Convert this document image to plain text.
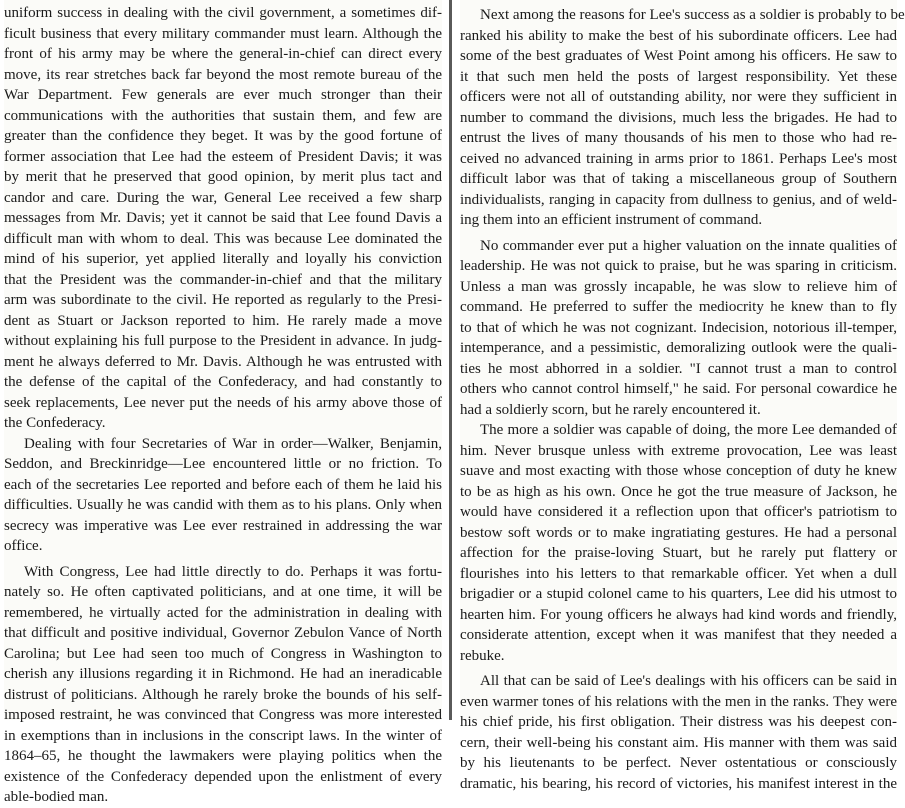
uniform success in dealing with the civil government, a sometimes dif-
ficult business that every military commander must learn. Although the
front of his army may be where the general-in-chief can direct every
move, its rear stretches back far beyond the most remote bureau of the
War Department. Few generals are ever much stronger than their
communications with the authorities that sustain them, and few are
greater than the confidence they beget. It was by the good fortune of
former association that Lee had the esteem of President Davis; it was
by merit that he preserved that good opinion, by merit plus tact and
candor and care. During the war, General Lee received a few sharp
messages from Mr. Davis; yet it cannot be said that Lee found Davis a
difficult man with whom to deal. This was because Lee dominated the
mind of his superior, yet applied literally and loyally his conviction
that the President was the commander-in-chief and that the military
arm was subordinate to the civil. He reported as regularly to the Presi-
dent as Stuart or Jackson reported to him. He rarely made a move
without explaining his full purpose to the President in advance. In judg-
ment he always deferred to Mr. Davis. Although he was entrusted with
the defense of the capital of the Confederacy, and had constantly to
seek replacements, Lee never put the needs of his army above those of
the Confederacy.
Dealing with four Secretaries of War in order—Walker, Benjamin,
Seddon, and Breckinridge—Lee encountered little or no friction. To
each of the secretaries Lee reported and before each of them he laid his
difficulties. Usually he was candid with them as to his plans. Only when
secrecy was imperative was Lee ever restrained in addressing the war
office.
With Congress, Lee had little directly to do. Perhaps it was fortu-
nately so. He often captivated politicians, and at one time, it will be
remembered, he virtually acted for the administration in dealing with
that difficult and positive individual, Governor Zebulon Vance of North
Carolina; but Lee had seen too much of Congress in Washington to
cherish any illusions regarding it in Richmond. He had an ineradicable
distrust of politicians. Although he rarely broke the bounds of his self-
imposed restraint, he was convinced that Congress was more interested
in exemptions than in inclusions in the conscript laws. In the winter of
1864–65, he thought the lawmakers were playing politics when the
existence of the Confederacy depended upon the enlistment of every
able-bodied man.
Next among the reasons for Lee's success as a soldier is probably to be
ranked his ability to make the best of his subordinate officers. Lee had
some of the best graduates of West Point among his officers. He saw to
it that such men held the posts of largest responsibility. Yet these
officers were not all of outstanding ability, nor were they sufficient in
number to command the divisions, much less the brigades. He had to
entrust the lives of many thousands of his men to those who had re-
ceived no advanced training in arms prior to 1861. Perhaps Lee's most
difficult labor was that of taking a miscellaneous group of Southern
individualists, ranging in capacity from dullness to genius, and of weld-
ing them into an efficient instrument of command.
No commander ever put a higher valuation on the innate qualities of
leadership. He was not quick to praise, but he was sparing in criticism.
Unless a man was grossly incapable, he was slow to relieve him of
command. He preferred to suffer the mediocrity he knew than to fly
to that of which he was not cognizant. Indecision, notorious ill-temper,
intemperance, and a pessimistic, demoralizing outlook were the quali-
ties he most abhorred in a soldier. "I cannot trust a man to control
others who cannot control himself," he said. For personal cowardice he
had a soldierly scorn, but he rarely encountered it.
The more a soldier was capable of doing, the more Lee demanded of
him. Never brusque unless with extreme provocation, Lee was least
suave and most exacting with those whose conception of duty he knew
to be as high as his own. Once he got the true measure of Jackson, he
would have considered it a reflection upon that officer's patriotism to
bestow soft words or to make ingratiating gestures. He had a personal
affection for the praise-loving Stuart, but he rarely put flattery or
flourishes into his letters to that remarkable officer. Yet when a dull
brigadier or a stupid colonel came to his quarters, Lee did his utmost to
hearten him. For young officers he always had kind words and friendly,
considerate attention, except when it was manifest that they needed a
rebuke.
All that can be said of Lee's dealings with his officers can be said in
even warmer tones of his relations with the men in the ranks. They were
his chief pride, his first obligation. Their distress was his deepest con-
cern, their well-being his constant aim. His manner with them was said
by his lieutenants to be perfect. Never ostentatious or consciously
dramatic, his bearing, his record of victories, his manifest interest in the
